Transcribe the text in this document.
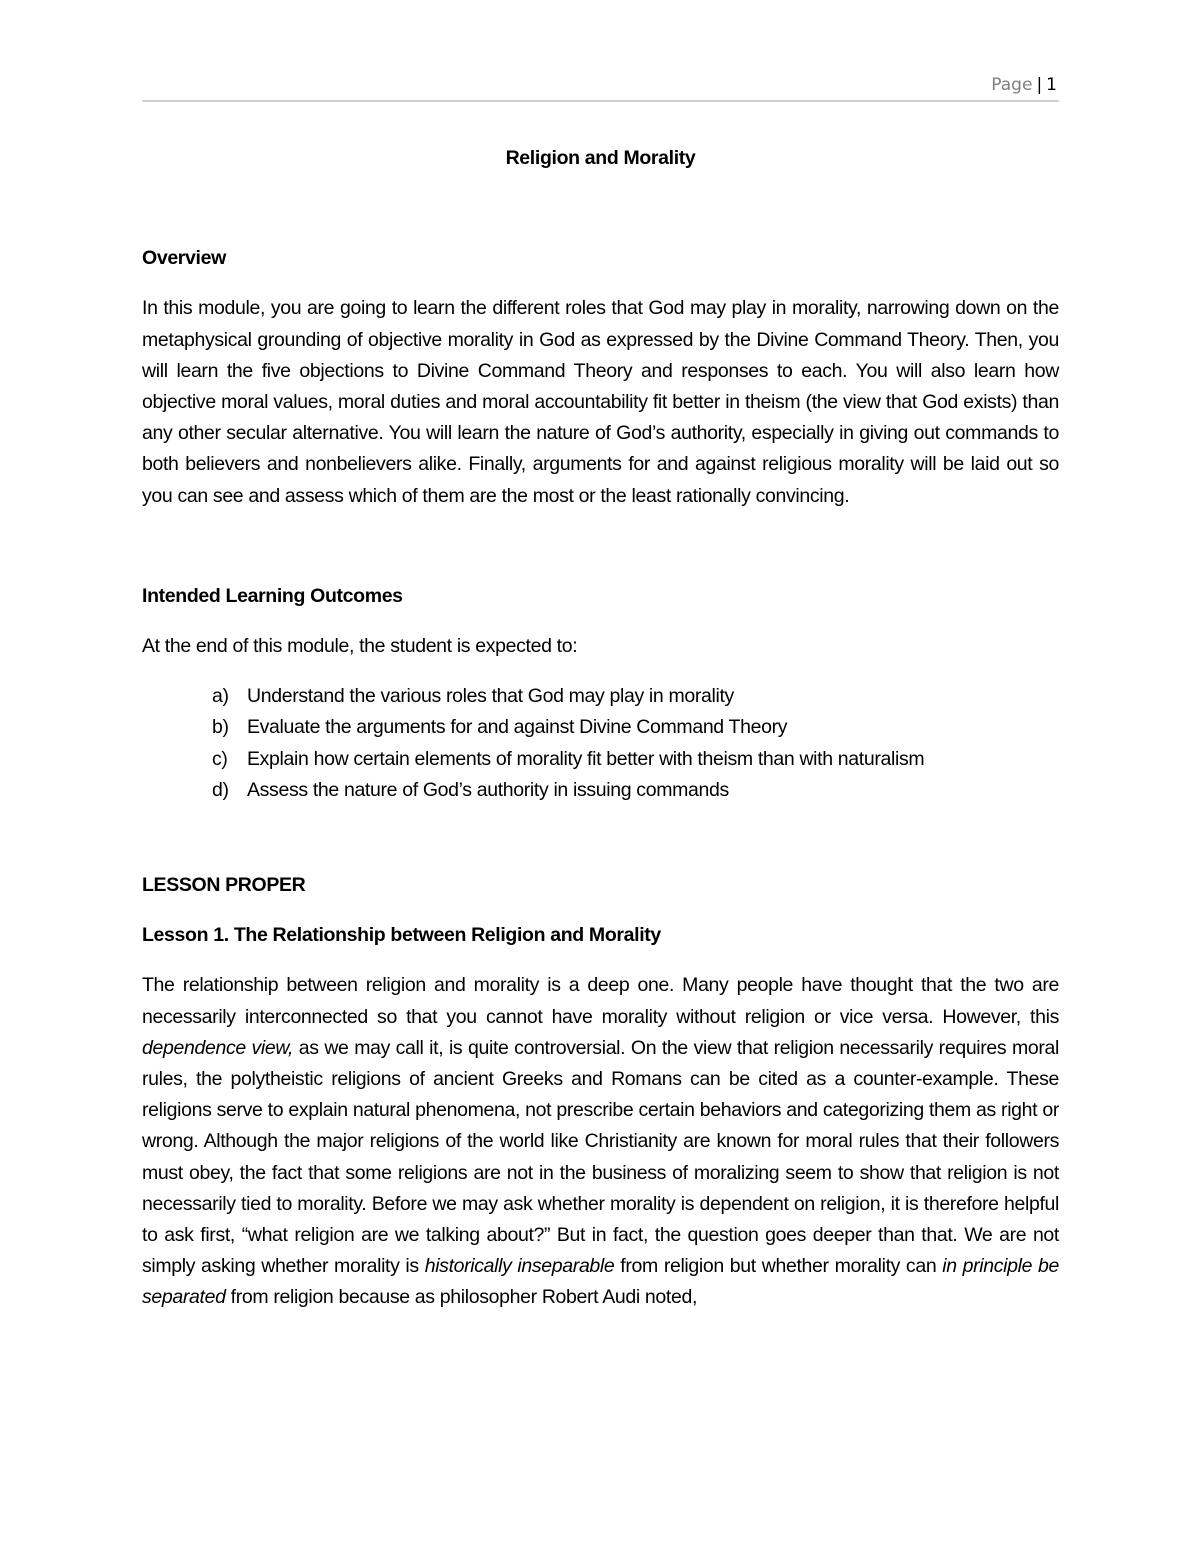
Page | 1
Religion and Morality
Overview

In this module, you are going to learn the different roles that God may play in morality, narrowing down on the metaphysical grounding of objective morality in God as expressed by the Divine Command Theory. Then, you will learn the five objections to Divine Command Theory and responses to each. You will also learn how objective moral values, moral duties and moral accountability fit better in theism (the view that God exists) than any other secular alternative. You will learn the nature of God’s authority, especially in giving out commands to both believers and nonbelievers alike. Finally, arguments for and against religious morality will be laid out so you can see and assess which of them are the most or the least rationally convincing.

Intended Learning Outcomes

At the end of this module, the student is expected to:

a) Understand the various roles that God may play in morality
b) Evaluate the arguments for and against Divine Command Theory
c) Explain how certain elements of morality fit better with theism than with naturalism
d) Assess the nature of God’s authority in issuing commands
LESSON PROPER
Lesson 1. The Relationship between Religion and Morality

The relationship between religion and morality is a deep one. Many people have thought that the two are necessarily interconnected so that you cannot have morality without religion or vice versa. However, this dependence view, as we may call it, is quite controversial. On the view that religion necessarily requires moral rules, the polytheistic religions of ancient Greeks and Romans can be cited as a counter-example. These religions serve to explain natural phenomena, not prescribe certain behaviors and categorizing them as right or wrong. Although the major religions of the world like Christianity are known for moral rules that their followers must obey, the fact that some religions are not in the business of moralizing seem to show that religion is not necessarily tied to morality. Before we may ask whether morality is dependent on religion, it is therefore helpful to ask first, “what religion are we talking about?” But in fact, the question goes deeper than that. We are not simply asking whether morality is historically inseparable from religion but whether morality can in principle be separated from religion because as philosopher Robert Audi noted,
